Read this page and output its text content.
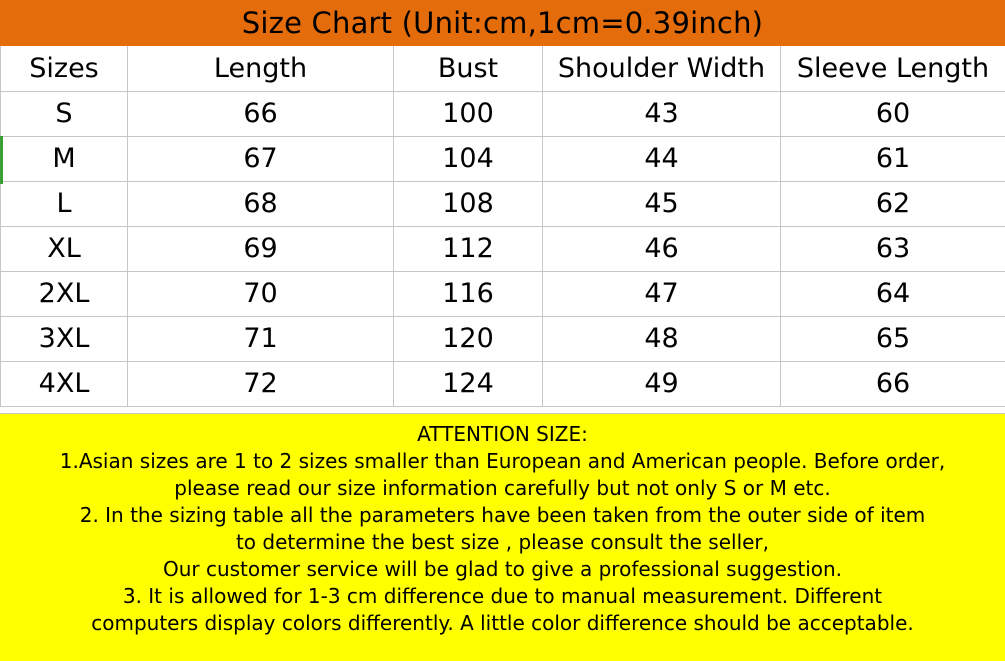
Size Chart (Unit:cm,1cm=0.39inch)
Sizes	Length	Bust	Shoulder Width	Sleeve Length
S	66	100	43	60
M	67	104	44	61
L	68	108	45	62
XL	69	112	46	63
2XL	70	116	47	64
3XL	71	120	48	65
4XL	72	124	49	66
ATTENTION SIZE:
1.Asian sizes are 1 to 2 sizes smaller than European and American people. Before order,
please read our size information carefully but not only S or M etc.
2. In the sizing table all the parameters have been taken from the outer side of item
to determine the best size , please consult the seller,
Our customer service will be glad to give a professional suggestion.
3. It is allowed for 1-3 cm difference due to manual measurement. Different
computers display colors differently. A little color difference should be acceptable.
